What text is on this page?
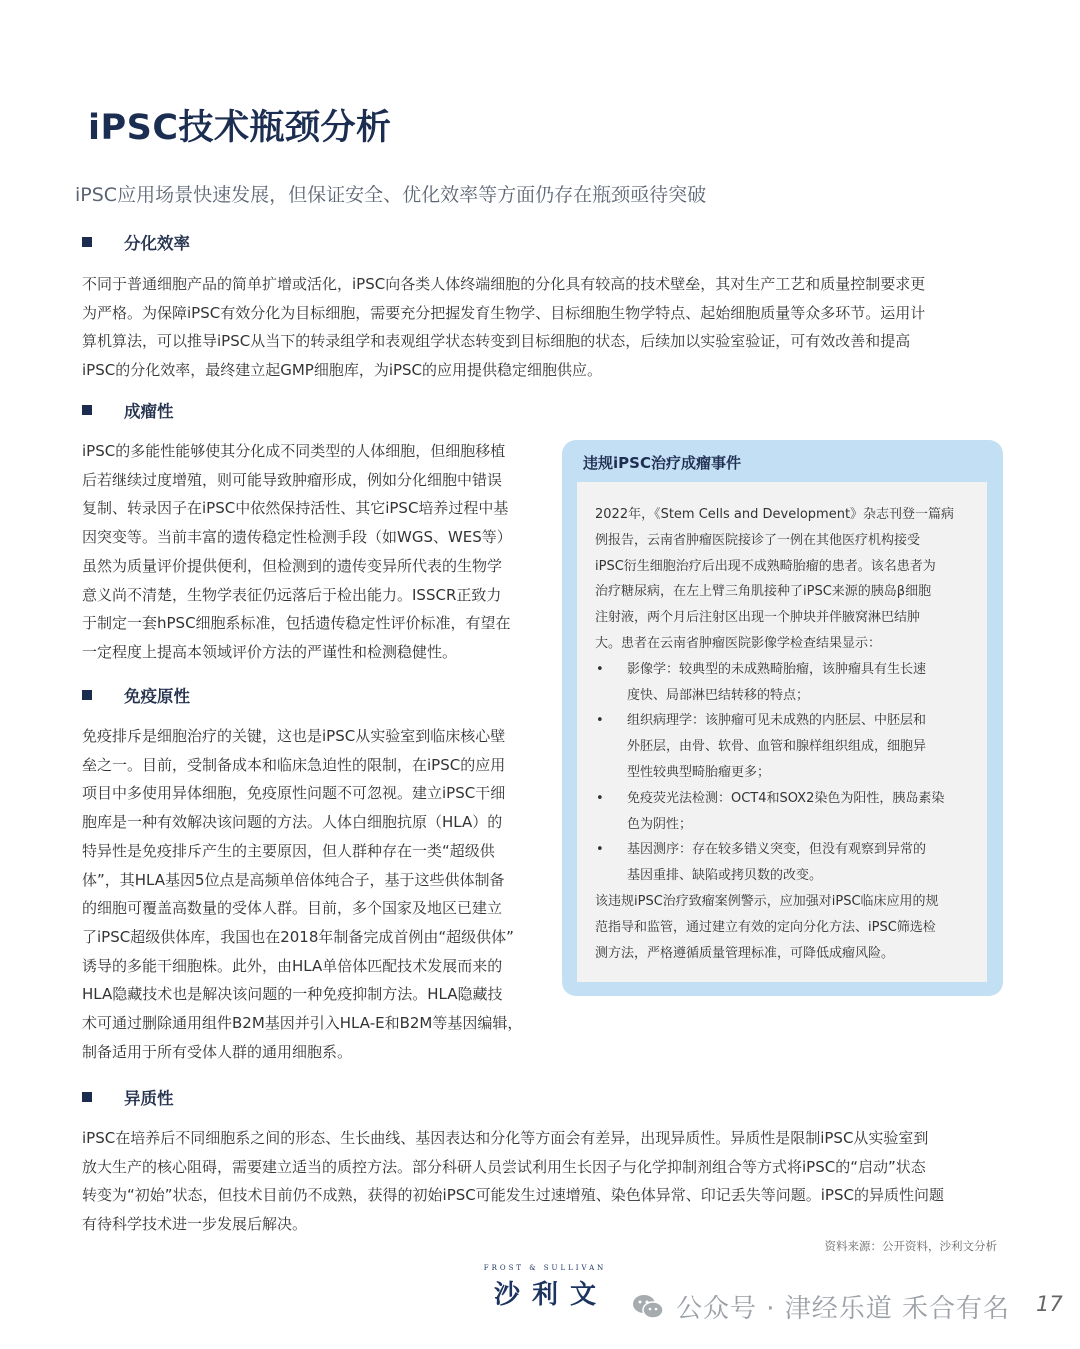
iPSC技术瓶颈分析

iPSC应用场景快速发展，但保证安全、优化效率等方面仍存在瓶颈亟待突破

分化效率

不同于普通细胞产品的简单扩增或活化，iPSC向各类人体终端细胞的分化具有较高的技术壁垒，其对生产工艺和质量控制要求更
为严格。为保障iPSC有效分化为目标细胞，需要充分把握发育生物学、目标细胞生物学特点、起始细胞质量等众多环节。运用计
算机算法，可以推导iPSC从当下的转录组学和表观组学状态转变到目标细胞的状态，后续加以实验室验证，可有效改善和提高
iPSC的分化效率，最终建立起GMP细胞库，为iPSC的应用提供稳定细胞供应。

成瘤性

iPSC的多能性能够使其分化成不同类型的人体细胞，但细胞移植
后若继续过度增殖，则可能导致肿瘤形成，例如分化细胞中错误
复制、转录因子在iPSC中依然保持活性、其它iPSC培养过程中基
因突变等。当前丰富的遗传稳定性检测手段（如WGS、WES等）
虽然为质量评价提供便利，但检测到的遗传变异所代表的生物学
意义尚不清楚，生物学表征仍远落后于检出能力。ISSCR正致力
于制定一套hPSC细胞系标准，包括遗传稳定性评价标准，有望在
一定程度上提高本领域评价方法的严谨性和检测稳健性。

免疫原性

免疫排斥是细胞治疗的关键，这也是iPSC从实验室到临床核心壁
垒之一。目前，受制备成本和临床急迫性的限制，在iPSC的应用
项目中多使用异体细胞，免疫原性问题不可忽视。建立iPSC干细
胞库是一种有效解决该问题的方法。人体白细胞抗原（HLA）的
特异性是免疫排斥产生的主要原因，但人群种存在一类“超级供
体”，其HLA基因5位点是高频单倍体纯合子，基于这些供体制备
的细胞可覆盖高数量的受体人群。目前，多个国家及地区已建立
了iPSC超级供体库，我国也在2018年制备完成首例由“超级供体”
诱导的多能干细胞株。此外，由HLA单倍体匹配技术发展而来的
HLA隐藏技术也是解决该问题的一种免疫抑制方法。HLA隐藏技
术可通过删除通用组件B2M基因并引入HLA-E和B2M等基因编辑，
制备适用于所有受体人群的通用细胞系。

违规iPSC治疗成瘤事件

2022年，《Stem Cells and Development》杂志刊登一篇病
例报告，云南省肿瘤医院接诊了一例在其他医疗机构接受
iPSC衍生细胞治疗后出现不成熟畸胎瘤的患者。该名患者为
治疗糖尿病，在左上臂三角肌接种了iPSC来源的胰岛β细胞
注射液，两个月后注射区出现一个肿块并伴腋窝淋巴结肿
大。患者在云南省肿瘤医院影像学检查结果显示：

• 影像学：较典型的未成熟畸胎瘤，该肿瘤具有生长速
度快、局部淋巴结转移的特点；
• 组织病理学：该肿瘤可见未成熟的内胚层、中胚层和
外胚层，由骨、软骨、血管和腺样组织组成，细胞异
型性较典型畸胎瘤更多；
• 免疫荧光法检测：OCT4和SOX2染色为阳性，胰岛素染
色为阴性；
• 基因测序：存在较多错义突变，但没有观察到异常的
基因重排、缺陷或拷贝数的改变。

该违规iPSC治疗致瘤案例警示，应加强对iPSC临床应用的规
范指导和监管，通过建立有效的定向分化方法、iPSC筛选检
测方法，严格遵循质量管理标准，可降低成瘤风险。

异质性

iPSC在培养后不同细胞系之间的形态、生长曲线、基因表达和分化等方面会有差异，出现异质性。异质性是限制iPSC从实验室到
放大生产的核心阻碍，需要建立适当的质控方法。部分科研人员尝试利用生长因子与化学抑制剂组合等方式将iPSC的“启动”状态
转变为“初始”状态，但技术目前仍不成熟，获得的初始iPSC可能发生过速增殖、染色体异常、印记丢失等问题。iPSC的异质性问题
有待科学技术进一步发展后解决。

资料来源：公开资料，沙利文分析
FROST & SULLIVAN
沙利文	公众号 · 津经乐道 禾合有名 17
